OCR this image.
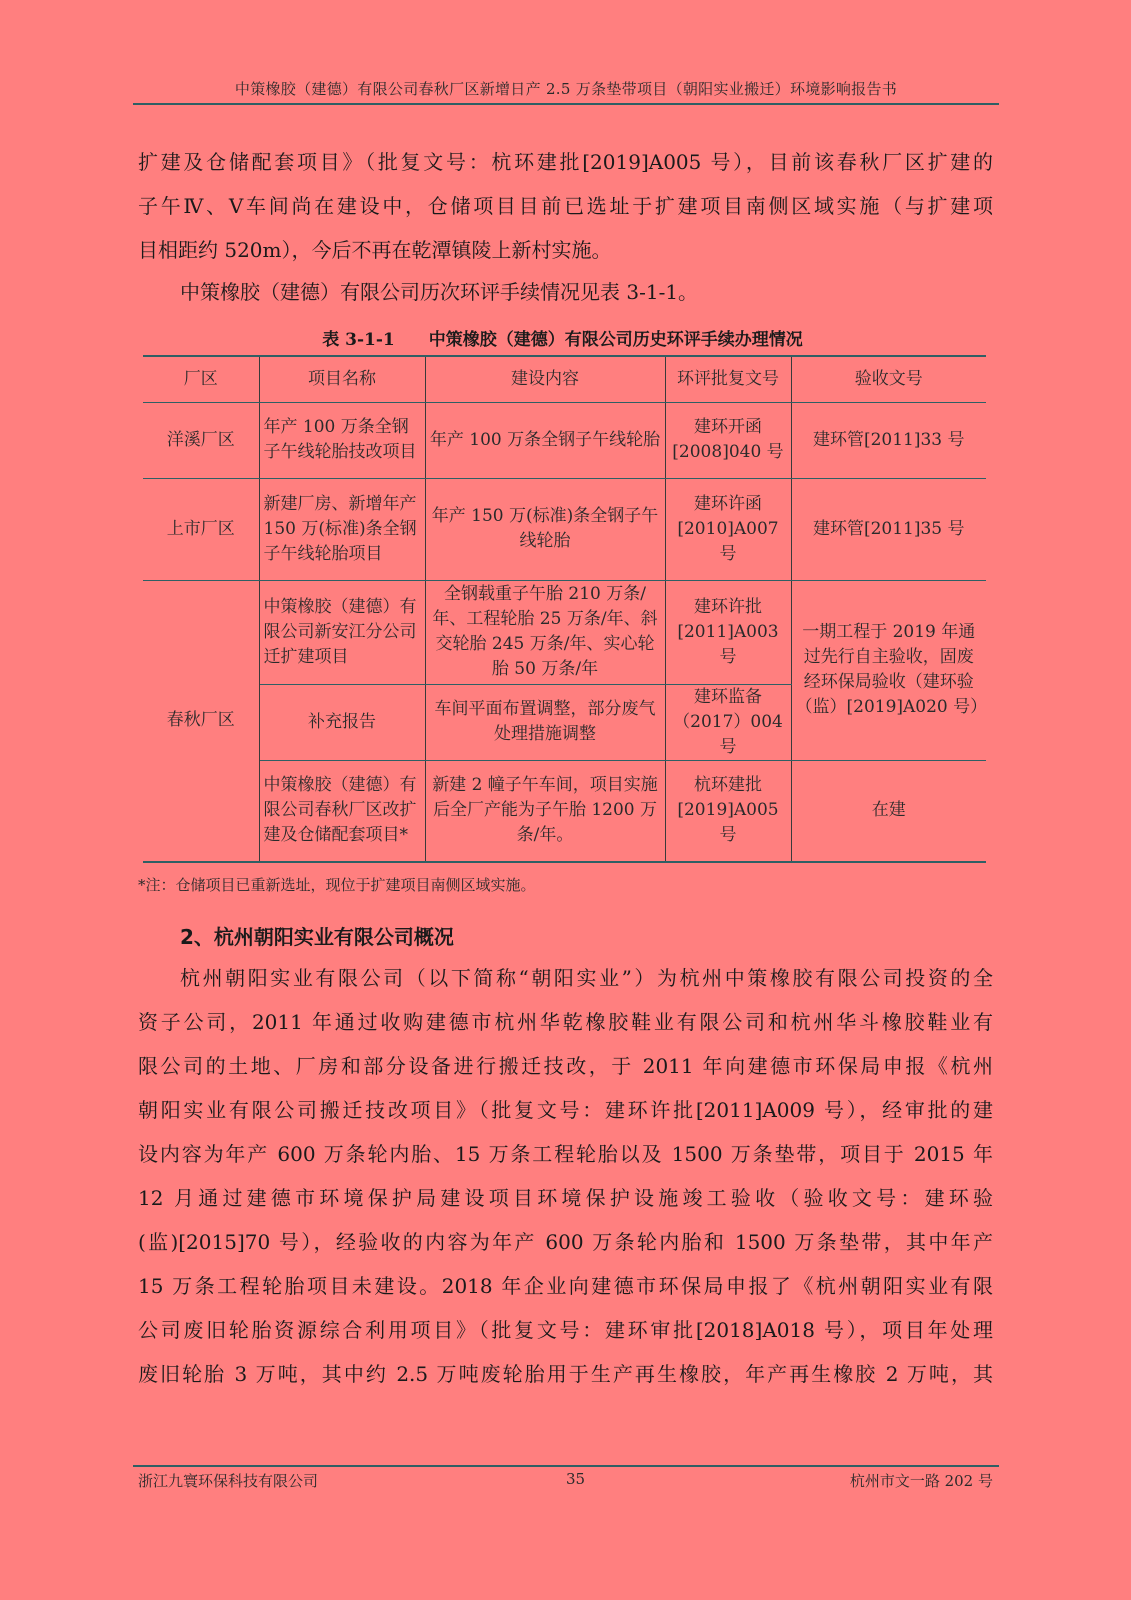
中策橡胶（建德）有限公司春秋厂区新增日产 2.5 万条垫带项目（朝阳实业搬迁）环境影响报告书
扩建及仓储配套项目》（批复文号：杭环建批[2019]A005 号），目前该春秋厂区扩建的
子午Ⅳ、Ⅴ车间尚在建设中，仓储项目目前已选址于扩建项目南侧区域实施（与扩建项
目相距约 520m），今后不再在乾潭镇陵上新村实施。
中策橡胶（建德）有限公司历次环评手续情况见表 3-1-1。
表 3-1-1　　中策橡胶（建德）有限公司历史环评手续办理情况
厂区	项目名称	建设内容	环评批复文号	验收文号
洋溪厂区	年产 100 万条全钢子午线轮胎技改项目	年产 100 万条全钢子午线轮胎	建环开函[2008]040 号	建环管[2011]33 号
上市厂区	新建厂房、新增年产 150 万(标准)条全钢子午线轮胎项目	年产 150 万(标准)条全钢子午线轮胎	建环许函[2010]A007 号	建环管[2011]35 号
春秋厂区	中策橡胶（建德）有限公司新安江分公司迁扩建项目	全钢载重子午胎 210 万条/年、工程轮胎 25 万条/年、斜交轮胎 245 万条/年、实心轮胎 50 万条/年	建环许批[2011]A003 号	一期工程于 2019 年通过先行自主验收，固废经环保局验收（建环验（监）[2019]A020 号）
	补充报告	车间平面布置调整，部分废气处理措施调整	建环监备（2017）004 号	
	中策橡胶（建德）有限公司春秋厂区改扩建及仓储配套项目*	新建 2 幢子午车间，项目实施后全厂产能为子午胎 1200 万条/年。	杭环建批[2019]A005 号	在建
*注：仓储项目已重新选址，现位于扩建项目南侧区域实施。
2、杭州朝阳实业有限公司概况
杭州朝阳实业有限公司（以下简称“朝阳实业”）为杭州中策橡胶有限公司投资的全
资子公司，2011 年通过收购建德市杭州华乾橡胶鞋业有限公司和杭州华斗橡胶鞋业有
限公司的土地、厂房和部分设备进行搬迁技改，于 2011 年向建德市环保局申报《杭州
朝阳实业有限公司搬迁技改项目》（批复文号：建环许批[2011]A009 号），经审批的建
设内容为年产 600 万条轮内胎、15 万条工程轮胎以及 1500 万条垫带，项目于 2015 年
12 月通过建德市环境保护局建设项目环境保护设施竣工验收（验收文号：建环验
(监)[2015]70 号），经验收的内容为年产 600 万条轮内胎和 1500 万条垫带，其中年产
15 万条工程轮胎项目未建设。2018 年企业向建德市环保局申报了《杭州朝阳实业有限
公司废旧轮胎资源综合利用项目》（批复文号：建环审批[2018]A018 号），项目年处理
废旧轮胎 3 万吨，其中约 2.5 万吨废轮胎用于生产再生橡胶，年产再生橡胶 2 万吨，其
浙江九寰环保科技有限公司	35	杭州市文一路 202 号
